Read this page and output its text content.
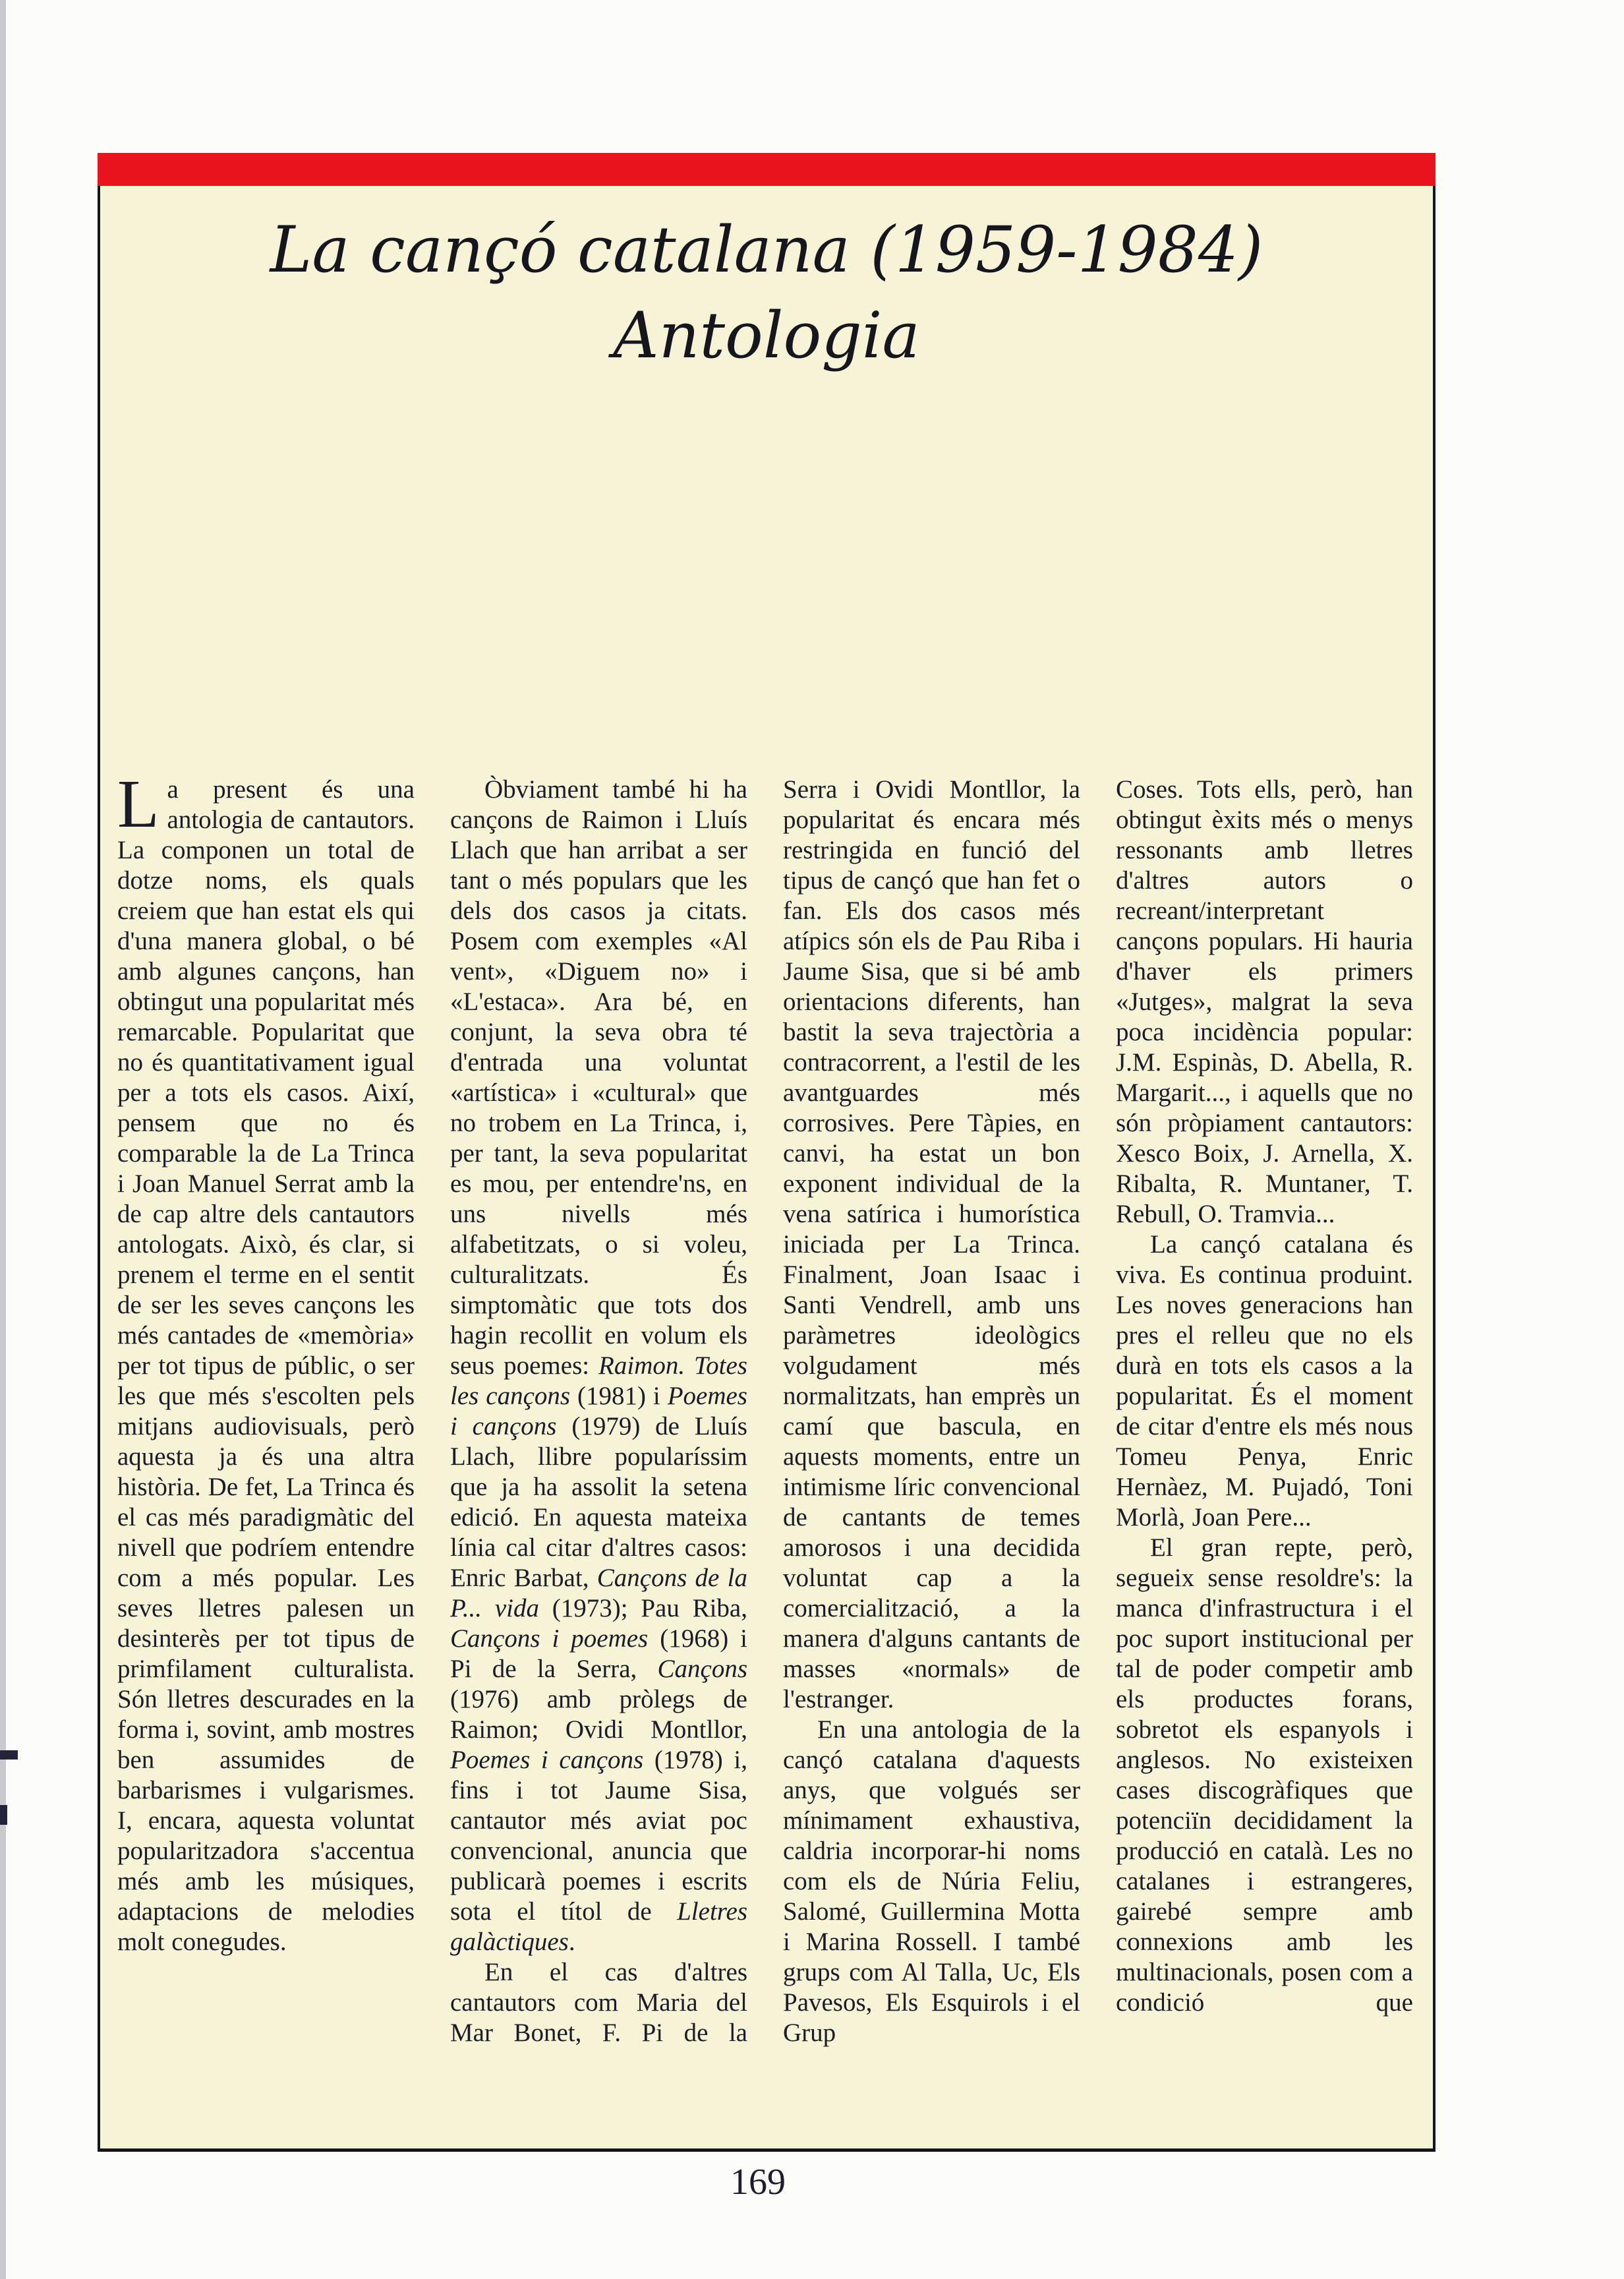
La cançó catalana (1959-1984)
Antologia

La present és una antologia de cantautors. La componen un total de dotze noms, els quals creiem que han estat els qui d'una manera global, o bé amb algunes cançons, han obtingut una popularitat més remarcable. Popularitat que no és quantitativament igual per a tots els casos. Així, pensem que no és comparable la de La Trinca i Joan Manuel Serrat amb la de cap altre dels cantautors antologats. Això, és clar, si prenem el terme en el sentit de ser les seves cançons les més cantades de «memòria» per tot tipus de públic, o ser les que més s'escolten pels mitjans audiovisuals, però aquesta ja és una altra història. De fet, La Trinca és el cas més paradigmàtic del nivell que podríem entendre com a més popular. Les seves lletres palesen un desinterès per tot tipus de primfilament culturalista. Són lletres descurades en la forma i, sovint, amb mostres ben assumides de barbarismes i vulgarismes. I, encara, aquesta voluntat popularitzadora s'accentua més amb les músiques, adaptacions de melodies molt conegudes.

Òbviament també hi ha cançons de Raimon i Lluís Llach que han arribat a ser tant o més populars que les dels dos casos ja citats. Posem com exemples «Al vent», «Diguem no» i «L'estaca». Ara bé, en conjunt, la seva obra té d'entrada una voluntat «artística» i «cultural» que no trobem en La Trinca, i, per tant, la seva popularitat es mou, per entendre'ns, en uns nivells més alfabetitzats, o si voleu, culturalitzats. És simptomàtic que tots dos hagin recollit en volum els seus poemes: Raimon. Totes les cançons (1981) i Poemes i cançons (1979) de Lluís Llach, llibre popularíssim que ja ha assolit la setena edició. En aquesta mateixa línia cal citar d'altres casos: Enric Barbat, Cançons de la P... vida (1973); Pau Riba, Cançons i poemes (1968) i Pi de la Serra, Cançons (1976) amb pròlegs de Raimon; Ovidi Montllor, Poemes i cançons (1978) i, fins i tot Jaume Sisa, cantautor més aviat poc convencional, anuncia que publicarà poemes i escrits sota el títol de Lletres galàctiques.

En el cas d'altres cantautors com Maria del Mar Bonet, F. Pi de la

Serra i Ovidi Montllor, la popularitat és encara més restringida en funció del tipus de cançó que han fet o fan. Els dos casos més atípics són els de Pau Riba i Jaume Sisa, que si bé amb orientacions diferents, han bastit la seva trajectòria a contracorrent, a l'estil de les avantguardes més corrosives. Pere Tàpies, en canvi, ha estat un bon exponent individual de la vena satírica i humorística iniciada per La Trinca. Finalment, Joan Isaac i Santi Vendrell, amb uns paràmetres ideològics volgudament més normalitzats, han emprès un camí que bascula, en aquests moments, entre un intimisme líric convencional de cantants de temes amorosos i una decidida voluntat cap a la comercialització, a la manera d'alguns cantants de masses «normals» de l'estranger.

En una antologia de la cançó catalana d'aquests anys, que volgués ser mínimament exhaustiva, caldria incorporar-hi noms com els de Núria Feliu, Salomé, Guillermina Motta i Marina Rossell. I també grups com Al Talla, Uc, Els Pavesos, Els Esquirols i el Grup

Coses. Tots ells, però, han obtingut èxits més o menys ressonants amb lletres d'altres autors o recreant/interpretant cançons populars. Hi hauria d'haver els primers «Jutges», malgrat la seva poca incidència popular: J.M. Espinàs, D. Abella, R. Margarit..., i aquells que no són pròpiament cantautors: Xesco Boix, J. Arnella, X. Ribalta, R. Muntaner, T. Rebull, O. Tramvia...

La cançó catalana és viva. Es continua produint. Les noves generacions han pres el relleu que no els durà en tots els casos a la popularitat. És el moment de citar d'entre els més nous Tomeu Penya, Enric Hernàez, M. Pujadó, Toni Morlà, Joan Pere...

El gran repte, però, segueix sense resoldre's: la manca d'infrastructura i el poc suport institucional per tal de poder competir amb els productes forans, sobretot els espanyols i anglesos. No existeixen cases discogràfiques que potenciïn decididament la producció en català. Les no catalanes i estrangeres, gairebé sempre amb connexions amb les multinacionals, posen com a condició que

169
